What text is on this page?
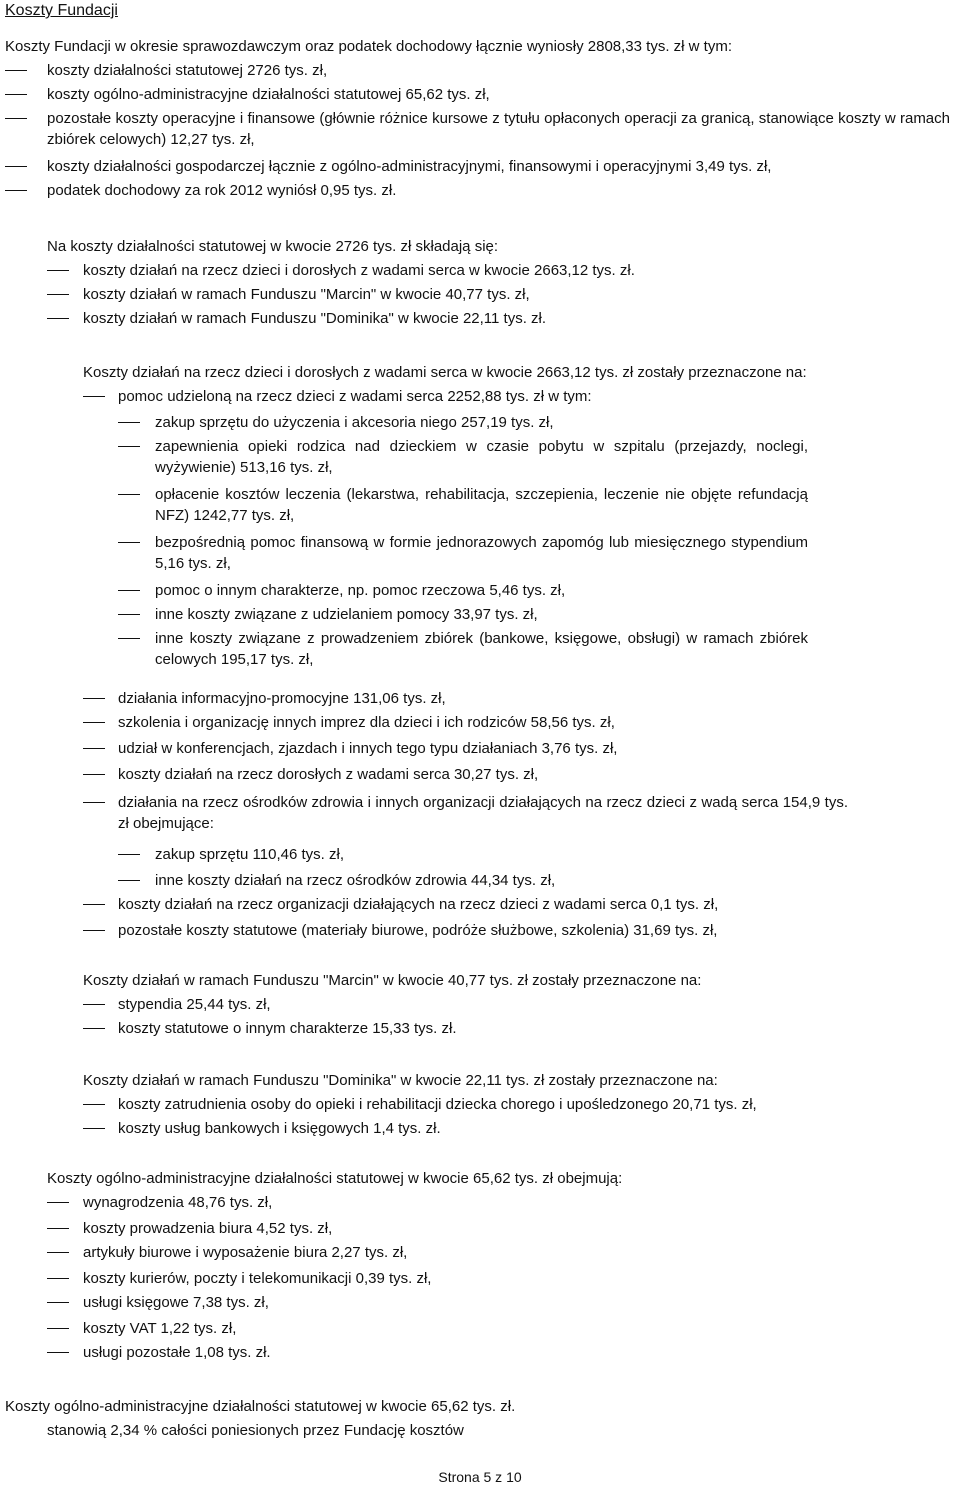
Koszty Fundacji
Koszty Fundacji w okresie sprawozdawczym oraz podatek dochodowy łącznie wyniosły 2808,33 tys. zł w tym:
koszty działalności statutowej 2726 tys. zł,
koszty ogólno-administracyjne działalności statutowej 65,62 tys. zł,
pozostałe koszty operacyjne i finansowe (głównie różnice kursowe z tytułu opłaconych operacji za granicą, stanowiące koszty w ramach zbiórek celowych) 12,27 tys. zł,
koszty działalności gospodarczej łącznie z ogólno-administracyjnymi, finansowymi i operacyjnymi 3,49 tys. zł,
podatek dochodowy za rok 2012 wyniósł 0,95 tys. zł.
Na koszty działalności statutowej w kwocie 2726 tys. zł składają się:
koszty działań na rzecz dzieci i dorosłych z wadami serca w kwocie 2663,12 tys. zł.
koszty działań w ramach Funduszu "Marcin" w kwocie 40,77 tys. zł,
koszty działań w ramach Funduszu "Dominika" w kwocie 22,11 tys. zł.
Koszty działań na rzecz dzieci i dorosłych z wadami serca w kwocie 2663,12 tys. zł zostały przeznaczone na:
pomoc udzieloną na rzecz dzieci z wadami serca 2252,88 tys. zł w tym:
zakup sprzętu do użyczenia i akcesoria niego 257,19 tys. zł,
zapewnienia opieki rodzica nad dzieckiem w czasie pobytu w szpitalu (przejazdy, noclegi, wyżywienie) 513,16 tys. zł,
opłacenie kosztów leczenia (lekarstwa, rehabilitacja, szczepienia, leczenie nie objęte refundacją NFZ) 1242,77 tys. zł,
bezpośrednią pomoc finansową w formie jednorazowych zapomóg lub miesięcznego stypendium 5,16 tys. zł,
pomoc o innym charakterze, np. pomoc rzeczowa 5,46 tys. zł,
inne koszty związane z udzielaniem pomocy 33,97 tys. zł,
inne koszty związane z prowadzeniem zbiórek (bankowe, księgowe, obsługi) w ramach zbiórek celowych 195,17 tys. zł,
działania informacyjno-promocyjne 131,06 tys. zł,
szkolenia i organizację innych imprez dla dzieci i ich rodziców 58,56 tys. zł,
udział w konferencjach, zjazdach i innych tego typu działaniach 3,76 tys. zł,
koszty działań na rzecz dorosłych z wadami serca 30,27 tys. zł,
działania na rzecz ośrodków zdrowia i innych organizacji działających na rzecz dzieci z wadą serca 154,9 tys. zł obejmujące:
zakup sprzętu 110,46 tys. zł,
inne koszty działań na rzecz ośrodków zdrowia 44,34 tys. zł,
koszty działań na rzecz organizacji działających na rzecz dzieci z wadami serca 0,1 tys. zł,
pozostałe koszty statutowe (materiały biurowe, podróże służbowe, szkolenia) 31,69 tys. zł,
Koszty działań w ramach Funduszu "Marcin" w kwocie 40,77 tys. zł zostały przeznaczone na:
stypendia 25,44 tys. zł,
koszty statutowe o innym charakterze 15,33 tys. zł.
Koszty działań w ramach Funduszu "Dominika" w kwocie 22,11 tys. zł zostały przeznaczone na:
koszty zatrudnienia osoby do opieki i rehabilitacji dziecka chorego i upośledzonego 20,71 tys. zł,
koszty usług bankowych i księgowych 1,4 tys. zł.
Koszty ogólno-administracyjne działalności statutowej w kwocie 65,62 tys. zł obejmują:
wynagrodzenia 48,76 tys. zł,
koszty prowadzenia biura 4,52 tys. zł,
artykuły biurowe i wyposażenie biura 2,27 tys. zł,
koszty kurierów, poczty i telekomunikacji 0,39 tys. zł,
usługi księgowe 7,38 tys. zł,
koszty VAT 1,22 tys. zł,
usługi pozostałe 1,08 tys. zł.
Koszty ogólno-administracyjne działalności statutowej w kwocie 65,62 tys. zł.
stanowią 2,34 % całości poniesionych przez Fundację kosztów
Strona 5 z 10
